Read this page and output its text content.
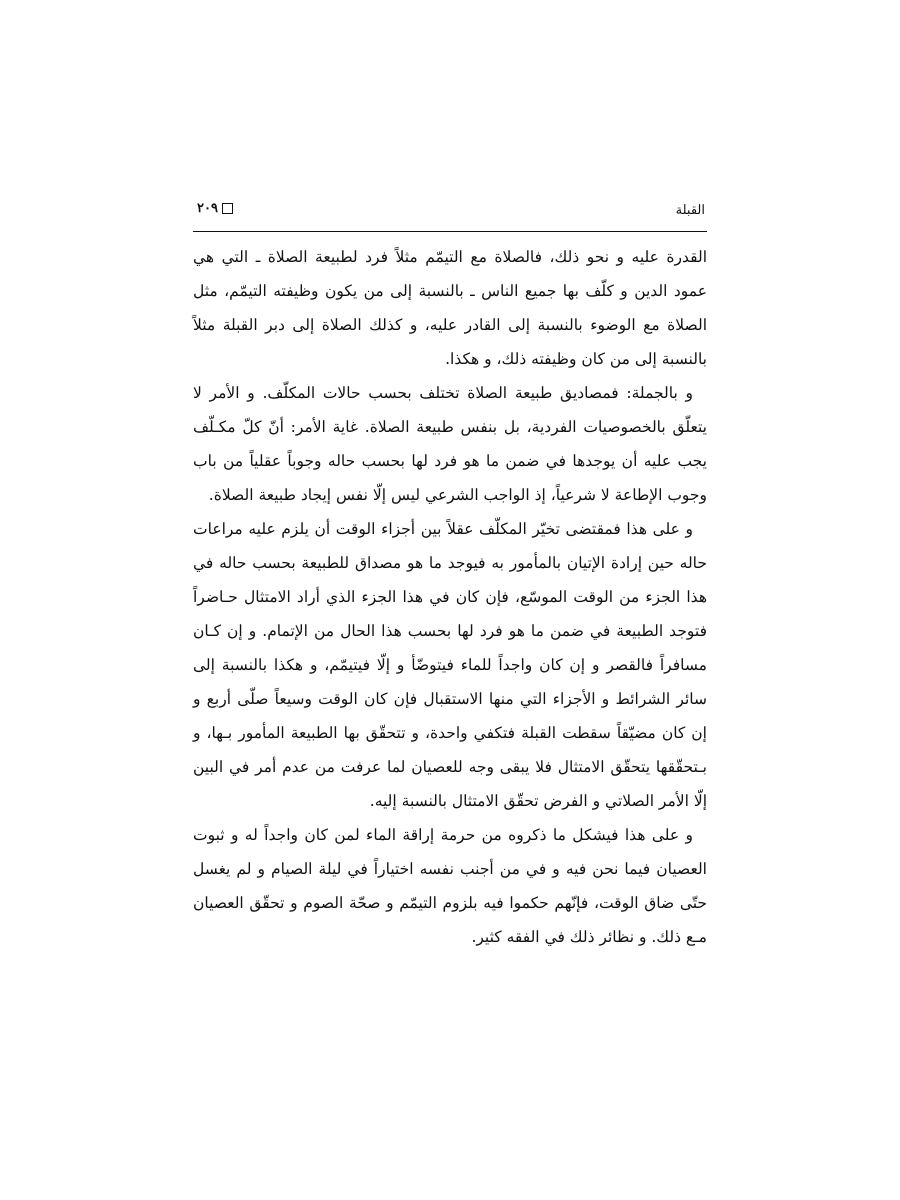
القبلة
۲۰۹

القدرة عليه و نحو ذلك، فالصلاة مع التيمّم مثلاً فرد لطبيعة الصلاة ـ التي هي عمود الدين و كلّف بها جميع الناس ـ بالنسبة إلى من يكون وظيفته التيمّم، مثل الصلاة مع الوضوء بالنسبة إلى القادر عليه، و كذلك الصلاة إلى دبر القبلة مثلاً بالنسبة إلى من كان وظيفته ذلك، و هكذا.

و بالجملة: فمصاديق طبيعة الصلاة تختلف بحسب حالات المكلّف. و الأمر لا يتعلّق بالخصوصيات الفردية، بل بنفس طبيعة الصلاة. غاية الأمر: أنّ كلّ مكـلّف يجب عليه أن يوجدها في ضمن ما هو فرد لها بحسب حاله وجوباً عقلياً من باب وجوب الإطاعة لا شرعياً، إذ الواجب الشرعي ليس إلّا نفس إيجاد طبيعة الصلاة.

و على هذا فمقتضى تخيّر المكلّف عقلاً بين أجزاء الوقت أن يلزم عليه مراعات حاله حين إرادة الإتيان بالمأمور به فيوجد ما هو مصداق للطبيعة بحسب حاله في هذا الجزء من الوقت الموسّع، فإن كان في هذا الجزء الذي أراد الامتثال حـاضراً فتوجد الطبيعة في ضمن ما هو فرد لها بحسب هذا الحال من الإتمام. و إن كـان مسافراً فالقصر و إن كان واجداً للماء فيتوضّأ و إلّا فيتيمّم، و هكذا بالنسبة إلى سائر الشرائط و الأجزاء التي منها الاستقبال فإن كان الوقت وسيعاً صلّى أربع و إن كان مضيّقاً سقطت القبلة فتكفي واحدة، و تتحقّق بها الطبيعة المأمور بـها، و بـتحقّقها يتحقّق الامتثال فلا يبقى وجه للعصيان لما عرفت من عدم أمر في البين إلّا الأمر الصلاتي و الفرض تحقّق الامتثال بالنسبة إليه.

و على هذا فيشكل ما ذكروه من حرمة إراقة الماء لمن كان واجداً له و ثبوت العصيان فيما نحن فيه و في من أجنب نفسه اختياراً في ليلة الصيام و لم يغسل حتّى ضاق الوقت، فإنّهم حكموا فيه بلزوم التيمّم و صحّة الصوم و تحقّق العصيان مـع ذلك. و نظائر ذلك في الفقه كثير.
